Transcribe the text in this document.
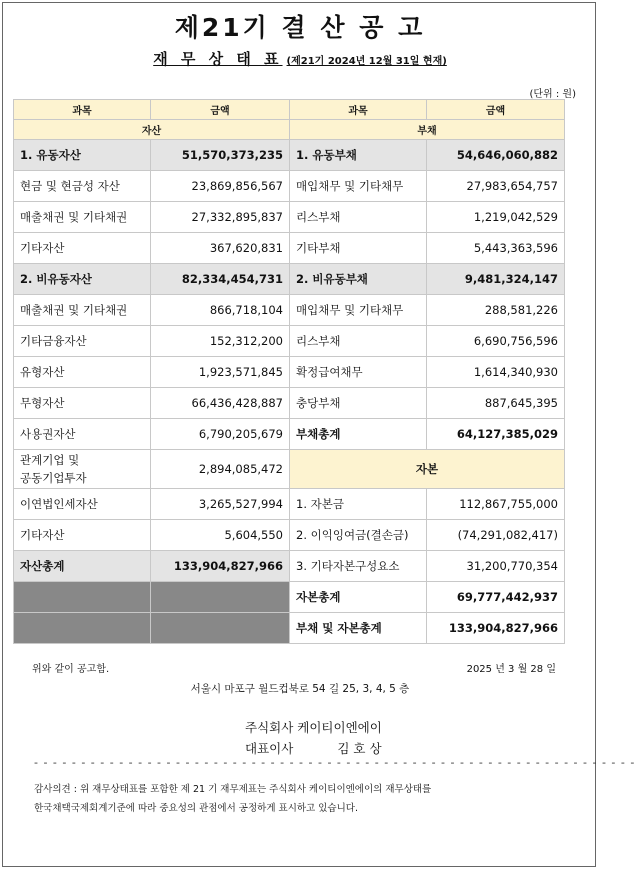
제21기 결 산 공 고
재 무 상 태 표 (제21기 2024년 12월 31일 현재)
(단위 : 원)
과목	금액	과목	금액
자산		부채	
1. 유동자산	51,570,373,235	1. 유동부채	54,646,060,882
현금 및 현금성 자산	23,869,856,567	매입채무 및 기타채무	27,983,654,757
매출채권 및 기타채권	27,332,895,837	리스부채	1,219,042,529
기타자산	367,620,831	기타부채	5,443,363,596
2. 비유동자산	82,334,454,731	2. 비유동부채	9,481,324,147
매출채권 및 기타채권	866,718,104	매입채무 및 기타채무	288,581,226
기타금융자산	152,312,200	리스부채	6,690,756,596
유형자산	1,923,571,845	확정급여채무	1,614,340,930
무형자산	66,436,428,887	충당부채	887,645,395
사용권자산	6,790,205,679	부채총계	64,127,385,029
관계기업 및
공동기업투자	2,894,085,472	자본	
이연법인세자산	3,265,527,994	1. 자본금	112,867,755,000
기타자산	5,604,550	2. 이익잉여금(결손금)	(74,291,082,417)
자산총계	133,904,827,966	3. 기타자본구성요소	31,200,770,354
		자본총계	69,777,442,937
		부채 및 자본총계	133,904,827,966
위와 같이 공고함.	2025 년 3 월 28 일
서울시 마포구 월드컵북로 54 길 25, 3, 4, 5 층
주식회사 케이티이엔에이
대표이사	김호상
- - - - - - - - - - - - - - - - - - - - - - - - - - - - - - - - - - - - - - - - - - - - - - - - - - - - - - - - - - - - - - - -
감사의견 : 위 재무상태표를 포함한 제 21 기 재무제표는 주식회사 케이티이엔에이의 재무상태를
한국채택국제회계기준에 따라 중요성의 관점에서 공정하게 표시하고 있습니다.
